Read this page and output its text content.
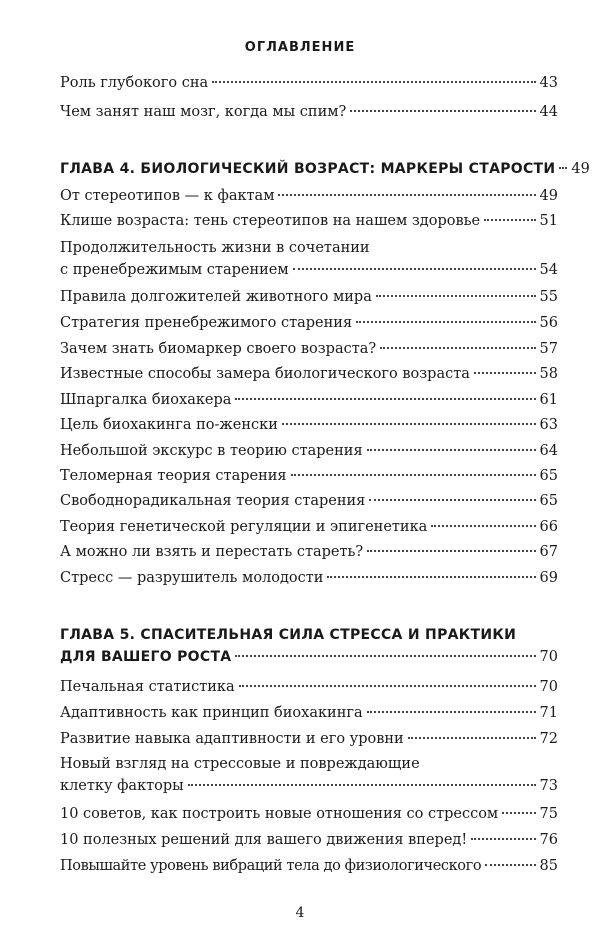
ОГЛАВЛЕНИЕ
Роль глубокого сна	43
Чем занят наш мозг, когда мы спим?	44
ГЛАВА 4. БИОЛОГИЧЕСКИЙ ВОЗРАСТ: МАРКЕРЫ СТАРОСТИ 49
От стереотипов — к фактам	49
Клише возраста: тень стереотипов на нашем здоровье	51
Продолжительность жизни в сочетании
с пренебрежимым старением	54
Правила долгожителей животного мира	55
Стратегия пренебрежимого старения	56
Зачем знать биомаркер своего возраста?	57
Известные способы замера биологического возраста	58
Шпаргалка биохакера	61
Цель биохакинга по-женски	63
Небольшой экскурс в теорию старения	64
Теломерная теория старения	65
Свободнорадикальная теория старения	65
Теория генетической регуляции и эпигенетика	66
А можно ли взять и перестать стареть?	67
Стресс — разрушитель молодости	69
ГЛАВА 5. СПАСИТЕЛЬНАЯ СИЛА СТРЕССА И ПРАКТИКИ
ДЛЯ ВАШЕГО РОСТА	70
Печальная статистика	70
Адаптивность как принцип биохакинга	71
Развитие навыка адаптивности и его уровни	72
Новый взгляд на стрессовые и повреждающие
клетку факторы	73
10 советов, как построить новые отношения со стрессом	75
10 полезных решений для вашего движения вперед!	76
Повышайте уровень вибраций тела до физиологического	85
4
